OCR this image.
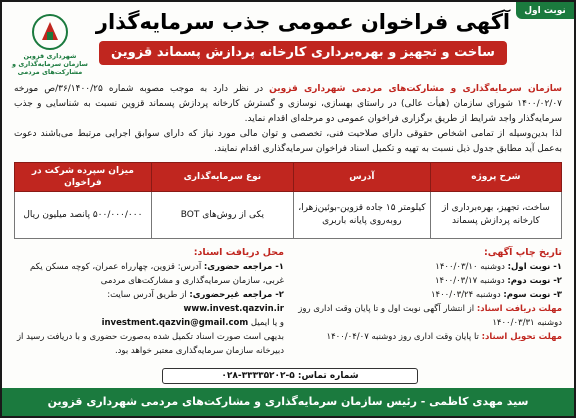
نوبت اول
شهرداری قزوین
سازمان سرمایه‌گذاری و مشارکت‌های مردمی
آگهی فراخوان عمومی جذب سرمایه‌گذار
ساخت و تجهیز و بهره‌برداری کارخانه پردازش پسماند قزوین
سازمان سرمایه‌گذاری و مشارکت‌های مردمی شهرداری قزوین در نظر دارد به موجب مصوبه شماره ۳۶/۱۴۰۰/۲۵/ص مورخه ۱۴۰۰/۰۲/۰۷ شورای سازمان (هیأت عالی) در راستای بهسازی، نوسازی و گسترش کارخانه پردازش پسماند قزوین نسبت به شناسایی و جذب سرمایه‌گذار واجد شرایط از طریق برگزاری فراخوان عمومی دو مرحله‌ای اقدام نماید.
لذا بدین‌وسیله از تمامی اشخاص حقوقی دارای صلاحیت فنی، تخصصی و توان مالی مورد نیاز که دارای سوابق اجرایی مرتبط می‌باشند دعوت به‌عمل آید مطابق جدول ذیل نسبت به تهیه و تکمیل اسناد فراخوان سرمایه‌گذاری اقدام نمایند.
شرح پروژه	آدرس	نوع سرمایه‌گذاری	میزان سپرده شرکت در فراخوان
ساخت، تجهیز، بهره‌برداری از کارخانه پردازش پسماند	کیلومتر ۱۵ جاده قزوین-بوئین‌زهرا، روبه‌روی پایانه باربری	یکی از روش‌های BOT	۵۰۰/۰۰۰/۰۰۰ پانصد میلیون ریال
تاریخ چاپ آگهی:
۱- نوبت اول: دوشنبه ۱۴۰۰/۰۳/۱۰
۲- نوبت دوم: دوشنبه ۱۴۰۰/۰۳/۱۷
۳- نوبت سوم: دوشنبه ۱۴۰۰/۰۳/۲۴
مهلت دریافت اسناد: از انتشار آگهی نوبت اول و تا پایان وقت اداری روز دوشنبه ۱۴۰۰/۰۳/۳۱
مهلت تحویل اسناد: تا پایان وقت اداری روز دوشنبه ۱۴۰۰/۰۴/۰۷
محل دریافت اسناد:
۱- مراجعه حضوری: آدرس: قزوین، چهارراه عمران، کوچه مسکن یکم غربی، سازمان سرمایه‌گذاری و مشارکت‌های مردمی
۲- مراجعه غیرحضوری: از طریق آدرس سایت: www.invest.qazvin.ir
و یا ایمیل investment.qazvin@gmail.com
بدیهی است صورت اسناد تکمیل شده به‌صورت حضوری و با دریافت رسید از دبیرخانه سازمان سرمایه‌گذاری معتبر خواهد بود.
شماره تماس: ۰۲۸-۳۳۳۳۵۲۰۲-۵
سید مهدی کاظمی - رئیس سازمان سرمایه‌گذاری و مشارکت‌های مردمی شهرداری قزوین
